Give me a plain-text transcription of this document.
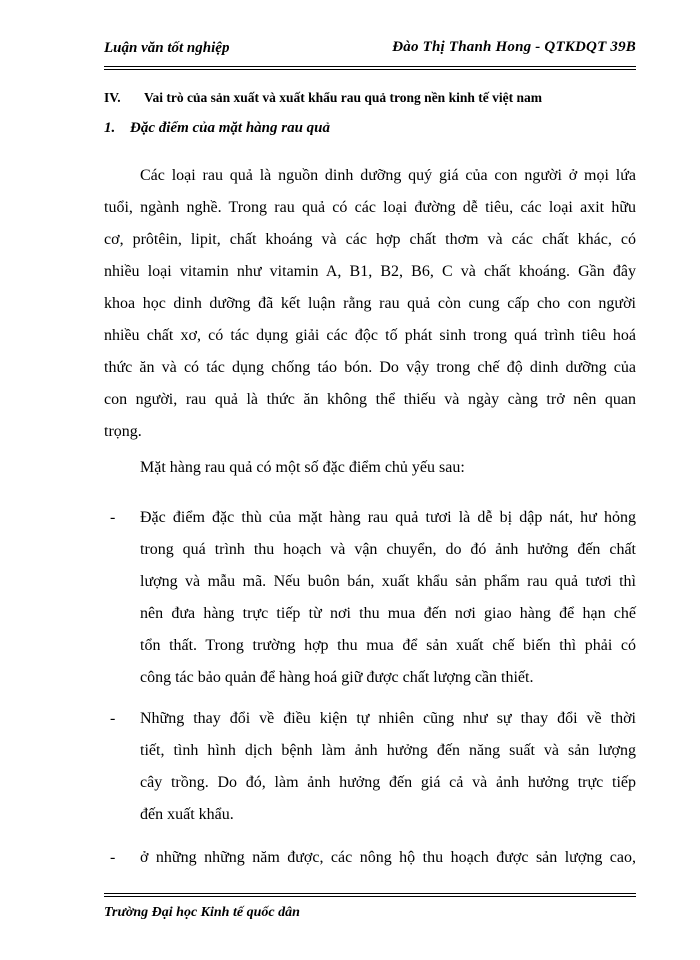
Luận văn tốt nghiệp	Đào Thị Thanh Hong - QTKDQT 39B
IV. Vai trò của sản xuất và xuất khẩu rau quả trong nền kinh tế việt nam
1. Đặc điểm của mặt hàng rau quả
Các loại rau quả là nguồn dinh dưỡng quý giá của con người ở mọi lứa
tuổi, ngành nghề. Trong rau quả có các loại đường dễ tiêu, các loại axit hữu
cơ, prôtêin, lipit, chất khoáng và các hợp chất thơm và các chất khác, có
nhiều loại vitamin như vitamin A, B1, B2, B6, C và chất khoáng. Gần đây
khoa học dinh dưỡng đã kết luận rằng rau quả còn cung cấp cho con người
nhiều chất xơ, có tác dụng giải các độc tố phát sinh trong quá trình tiêu hoá
thức ăn và có tác dụng chống táo bón. Do vậy trong chế độ dinh dưỡng của
con người, rau quả là thức ăn không thể thiếu và ngày càng trở nên quan
trọng.
Mặt hàng rau quả có một số đặc điểm chủ yếu sau:
- Đặc điểm đặc thù của mặt hàng rau quả tươi là dễ bị dập nát, hư hỏng
trong quá trình thu hoạch và vận chuyển, do đó ảnh hưởng đến chất
lượng và mẫu mã. Nếu buôn bán, xuất khẩu sản phẩm rau quả tươi thì
nên đưa hàng trực tiếp từ nơi thu mua đến nơi giao hàng để hạn chế
tổn thất. Trong trường hợp thu mua để sản xuất chế biến thì phải có
công tác bảo quản để hàng hoá giữ được chất lượng cần thiết.
- Những thay đổi về điều kiện tự nhiên cũng như sự thay đổi về thời
tiết, tình hình dịch bệnh làm ảnh hưởng đến năng suất và sản lượng
cây trồng. Do đó, làm ảnh hưởng đến giá cả và ảnh hưởng trực tiếp
đến xuất khẩu.
- ở những những năm được, các nông hộ thu hoạch được sản lượng cao,
Trường Đại học Kinh tế quốc dân
